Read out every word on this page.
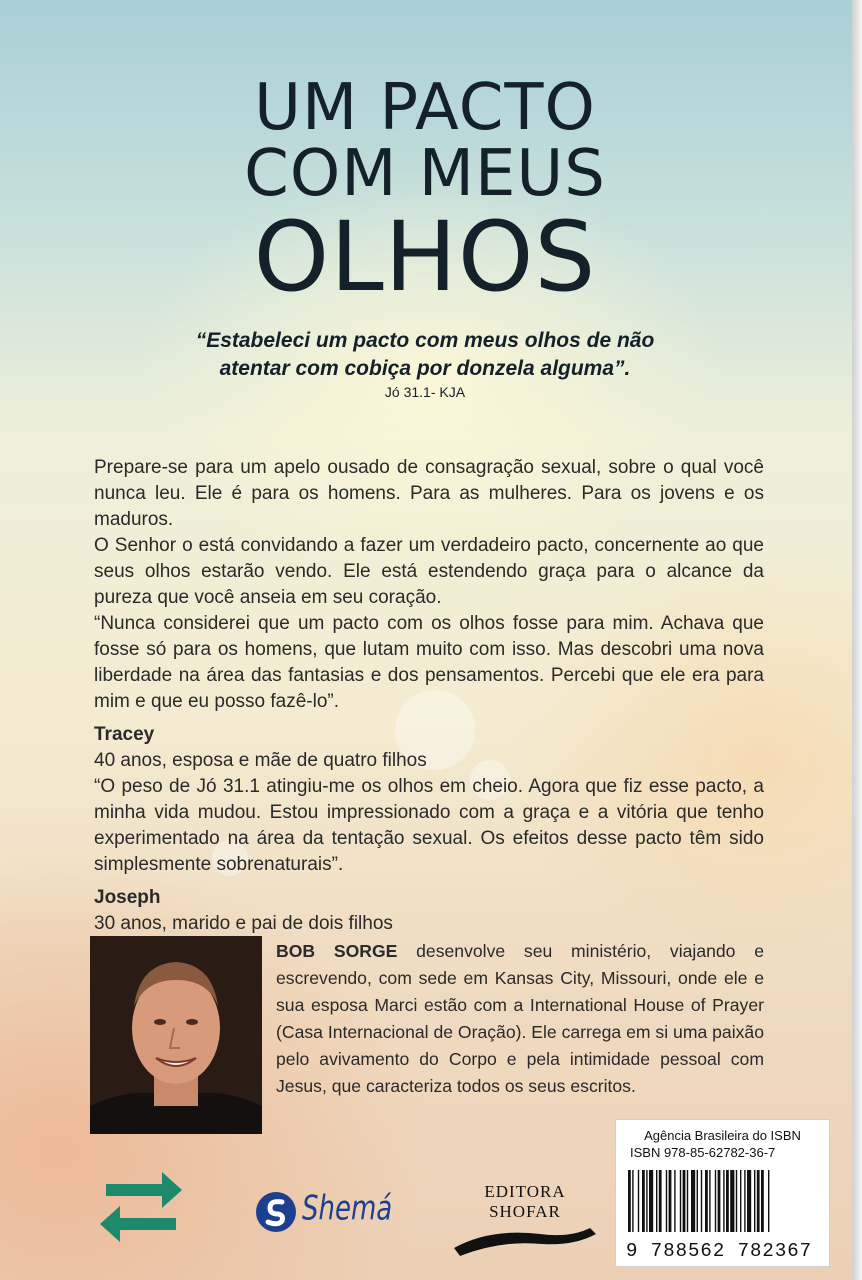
UM PACTO
COM MEUS
OLHOS
“Estabeleci um pacto com meus olhos de não
atentar com cobiça por donzela alguma”.
Jó 31.1- KJA

Prepare-se para um apelo ousado de consagração sexual, sobre o qual você nunca leu. Ele é para os homens. Para as mulheres. Para os jovens e os maduros.

O Senhor o está convidando a fazer um verdadeiro pacto, concernente ao que seus olhos estarão vendo. Ele está estendendo graça para o alcance da pureza que você anseia em seu coração.

“Nunca considerei que um pacto com os olhos fosse para mim. Achava que fosse só para os homens, que lutam muito com isso. Mas descobri uma nova liberdade na área das fantasias e dos pensamentos. Percebi que ele era para mim e que eu posso fazê-lo”.

Tracey

40 anos, esposa e mãe de quatro filhos

“O peso de Jó 31.1 atingiu-me os olhos em cheio. Agora que fiz esse pacto, a minha vida mudou. Estou impressionado com a graça e a vitória que tenho experimentado na área da tentação sexual. Os efeitos desse pacto têm sido simplesmente sobrenaturais”.

Joseph

30 anos, marido e pai de dois filhos

BOB SORGE desenvolve seu ministério, viajando e escrevendo, com sede em Kansas City, Missouri, onde ele e sua esposa Marci estão com a International House of Prayer (Casa Internacional de Oração). Ele carrega em si uma paixão pelo avivamento do Corpo e pela intimidade pessoal com Jesus, que caracteriza todos os seus escritos.
Agência Brasileira do ISBN
ISBN 978-85-62782-36-7
9 788562 782367
Shemá	EDITORA SHOFAR
